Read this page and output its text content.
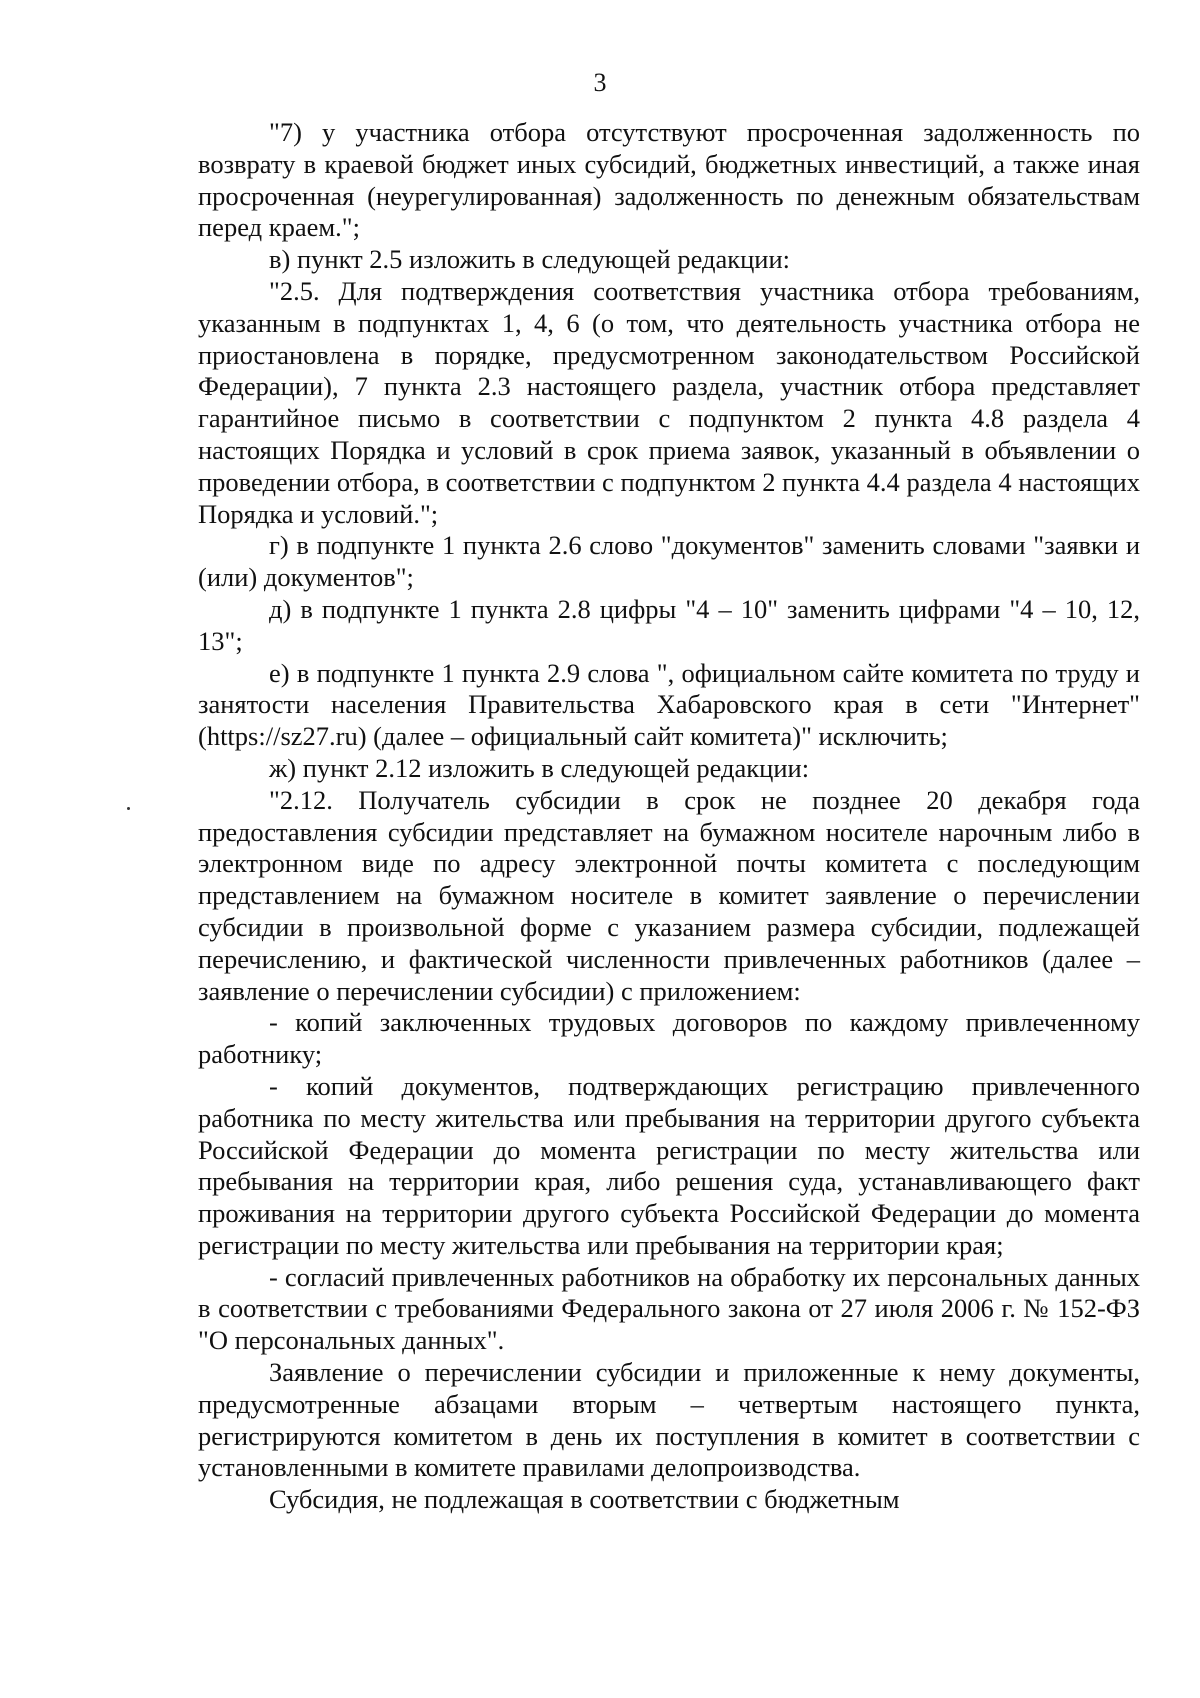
3

"7) у участника отбора отсутствуют просроченная задолженность по возврату в краевой бюджет иных субсидий, бюджетных инвестиций, а также иная просроченная (неурегулированная) задолженность по денежным обязательствам перед краем.";

в) пункт 2.5 изложить в следующей редакции:

"2.5. Для подтверждения соответствия участника отбора требованиям, указанным в подпунктах 1, 4, 6 (о том, что деятельность участника отбора не приостановлена в порядке, предусмотренном законодательством Российской Федерации), 7 пункта 2.3 настоящего раздела, участник отбора представляет гарантийное письмо в соответствии с подпунктом 2 пункта 4.8 раздела 4 настоящих Порядка и условий в срок приема заявок, указанный в объявлении о проведении отбора, в соответствии с подпунктом 2 пункта 4.4 раздела 4 настоящих Порядка и условий.";

г) в подпункте 1 пункта 2.6 слово "документов" заменить словами "заявки и (или) документов";

д) в подпункте 1 пункта 2.8 цифры "4 – 10" заменить цифрами "4 – 10, 12, 13";

е) в подпункте 1 пункта 2.9 слова ", официальном сайте комитета по труду и занятости населения Правительства Хабаровского края в сети "Интернет" (https://sz27.ru) (далее – официальный сайт комитета)" исключить;

ж) пункт 2.12 изложить в следующей редакции:

"2.12. Получатель субсидии в срок не позднее 20 декабря года предоставления субсидии представляет на бумажном носителе нарочным либо в электронном виде по адресу электронной почты комитета с последующим представлением на бумажном носителе в комитет заявление о перечислении субсидии в произвольной форме с указанием размера субсидии, подлежащей перечислению, и фактической численности привлеченных работников (далее – заявление о перечислении субсидии) с приложением:

- копий заключенных трудовых договоров по каждому привлеченному работнику;

- копий документов, подтверждающих регистрацию привлеченного работника по месту жительства или пребывания на территории другого субъекта Российской Федерации до момента регистрации по месту жительства или пребывания на территории края, либо решения суда, устанавливающего факт проживания на территории другого субъекта Российской Федерации до момента регистрации по месту жительства или пребывания на территории края;

- согласий привлеченных работников на обработку их персональных данных в соответствии с требованиями Федерального закона от 27 июля 2006 г. № 152-ФЗ "О персональных данных".

Заявление о перечислении субсидии и приложенные к нему документы, предусмотренные абзацами вторым – четвертым настоящего пункта, регистрируются комитетом в день их поступления в комитет в соответствии с установленными в комитете правилами делопроизводства.

Субсидия, не подлежащая в соответствии с бюджетным
